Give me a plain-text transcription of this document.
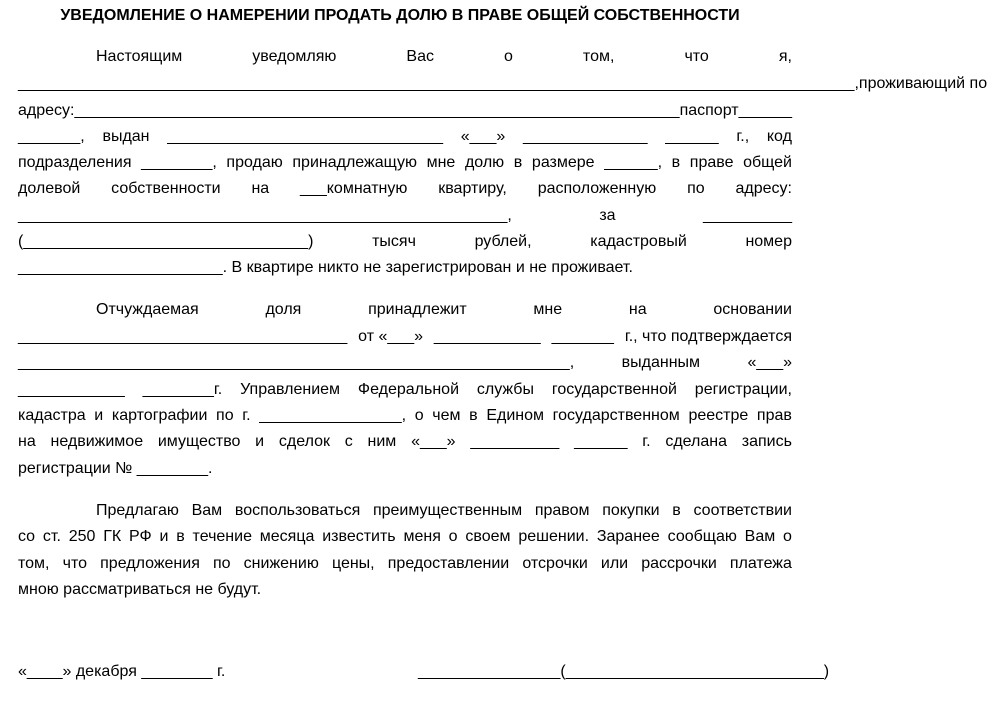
УВЕДОМЛЕНИЕ О НАМЕРЕНИИ ПРОДАТЬ ДОЛЮ В ПРАВЕ ОБЩЕЙ СОБСТВЕННОСТИ
Настоящим	уведомляю	Вас	о	том,	что	я,
______________________________________________________________________________________________, проживающий по
адресу: ____________________________________________________________________ паспорт ______
_______, выдан _______________________________ «___» ______________ ______ г., код
подразделения ________, продаю принадлежащую мне долю в размере ______, в праве общей
долевой собственности на ___комнатную квартиру, расположенную по адресу:
_______________________________________________________,	за	__________
(________________________________)	тысяч	рублей,	кадастровый	номер
_______________________. В квартире никто не зарегистрирован и не проживает.
Отчуждаемая	доля	принадлежит	мне	на	основании
_____________________________________ от «___» ____________ _______ г., что подтверждается
______________________________________________________________,	выданным	«___»
____________ ________г. Управлением Федеральной службы государственной регистрации,
кадастра и картографии по г. ________________, о чем в Едином государственном реестре прав
на недвижимое имущество и сделок с ним «___» __________ ______ г. сделана запись
регистрации № ________.
Предлагаю Вам воспользоваться преимущественным правом покупки в соответствии
со ст. 250 ГК РФ и в течение месяца известить меня о своем решении. Заранее сообщаю Вам о
том, что предложения по снижению цены, предоставлении отсрочки или рассрочки платежа
мною рассматриваться не будут.
«____» декабря ________ г.	________________ (_____________________________)
